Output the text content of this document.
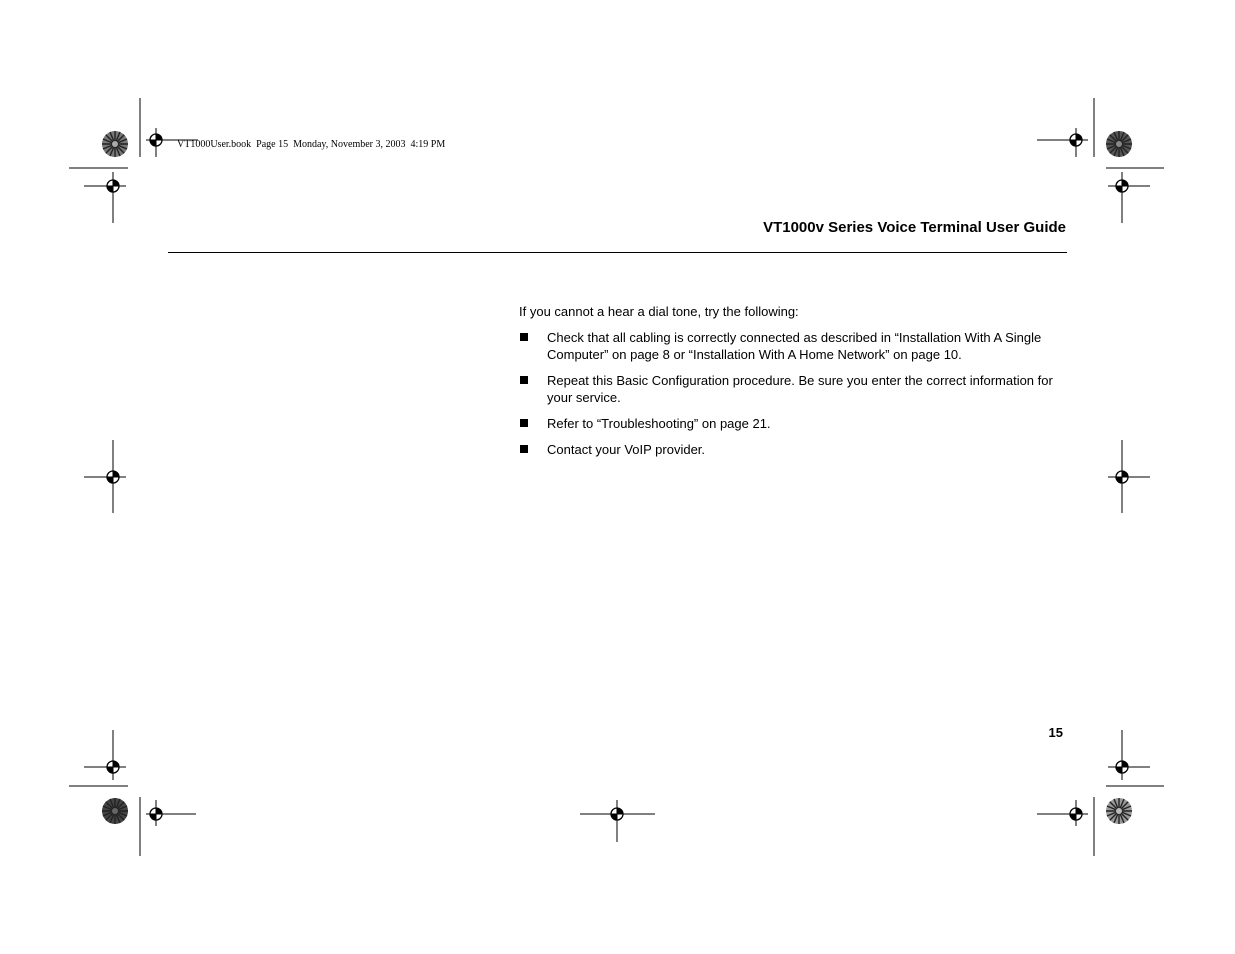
VT1000User.book  Page 15  Monday, November 3, 2003  4:19 PM
VT1000v Series Voice Terminal User Guide

If you cannot a hear a dial tone, try the following:

Check that all cabling is correctly connected as described in “Installation With A Single Computer” on page 8 or “Installation With A Home Network” on page 10.
Repeat this Basic Configuration procedure. Be sure you enter the correct information for your service.
Refer to “Troubleshooting” on page 21.
Contact your VoIP provider.
15
